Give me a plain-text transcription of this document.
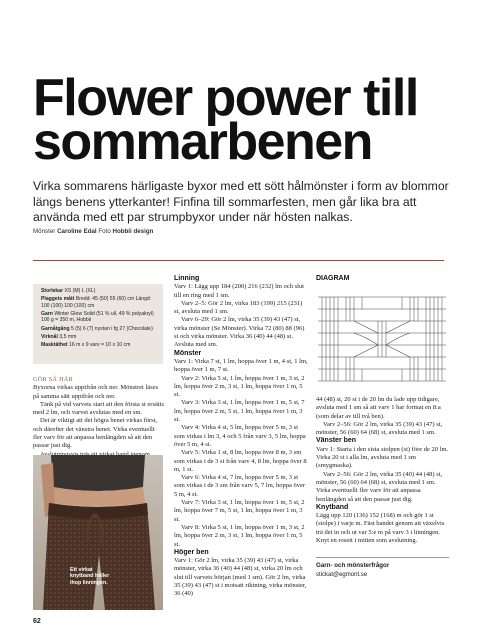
Flower power till sommarbenen

Virka sommarens härligaste byxor med ett sött hålmönster i form av blommor längs benens ytterkanter! Finfina till sommarfesten, men går lika bra att använda med ett par strumpbyxor under när hösten nalkas.

Mönster Caroline Edal Foto Hobbii design

Storlekar XS (M) L (XL)

Plaggets mått Bredd: 45 (50) 55 (60) cm Längd: 100 (100) 100 (100) cm

Garn Winter Glow Solid (51 % ull, 49 % polyakryl) 100 g = 350 m, Hobbii

Garnåtgång 5 (5) 6 (7) nystan i fg 27 (Chocolate)

Virknål 3,5 mm

Masktäthet 16 m x 9 varv = 10 x 10 cm

GÖR SÅ HÄR

Byxorna virkas uppifrån och ner. Mönstret läses på samma sätt uppifrån och ner.

Tänk på vid varvets start att den första st ersätts med 2 lm, och varvet avslutas med en sm.

Det är viktigt att det högra benet virkas först, och därefter det vänstra benet. Virka eventuellt fler varv för att anpassa benlängden så att den passar just dig.

Ett virkat knytband håller ihop linningen.
62

Linning

Varv 1: Lägg upp 184 (200) 216 (232) lm och slut till en ring med 1 sm.

Varv 2–5: Gör 2 lm, virka 183 (199) 215 (231) st, avsluta med 1 sm.

Varv 6–29: Gör 2 lm, virka 35 (39) 43 (47) st, virka mönster (Se Mönster). Virka 72 (80) 88 (96) st och virka mönster. Virka 36 (40) 44 (48) st. Avsluta med sm.

Mönster

Varv 1: Virka 7 st, 1 lm, hoppa över 1 m, 4 st, 1 lm, hoppa över 1 m, 7 st.

Varv 2: Virka 5 st, 1 lm, hoppa över 1 m, 3 st, 2 lm, hoppa över 2 m, 3 st, 1 lm, hoppa över 1 m, 5 st.

Varv 3: Virka 3 st, 1 lm, hoppa över 1 m, 5 st, 7 lm, hoppa över 2 m, 5 st, 1 lm, hoppa över 1 m, 3 st.

Varv 4: Virka 4 st, 5 lm, hoppa över 5 m, 3 st som virkas i lm 3, 4 och 5 från varv 3, 5 lm, hoppa över 5 m, 4 st.

Varv 5: Virka 1 st, 8 lm, hoppa över 8 m, 3 sm som virkas i de 3 st från varv 4, 8 lm, hoppa över 8 m, 1 st.

Varv 6: Virka 4 st, 7 lm, hoppa över 5 m, 3 st som virkas i de 3 sm från varv 5, 7 lm, hoppa över 5 m, 4 st.

Varv 7: Virka 3 st, 1 lm, hoppa över 1 m, 5 st, 2 lm, hoppa över 7 m, 5 st, 1 lm, hoppa över 1 m, 3 st.

Varv 8: Virka 5 st, 1 lm, hoppa över 1 m, 3 st, 2 lm, hoppa över 2 m, 3 st, 1 lm, hoppa över 1 m, 5 st.

Höger ben

Varv 1: Gör 2 lm, virka 35 (39) 43 (47) st, virka mönster, virka 36 (40) 44 (48) st, virka 20 lm och slut till varvets början (med 1 sm). Gör 2 lm, virka 35 (39) 43 (47) st i motsatt riktning, virka mönster, 36 (40)

DIAGRAM

44 (48) st, 20 st i de 20 lm du lade upp tidigare, avsluta med 1 sm så att varv 1 har format en 8:a (som delar av till två ben).

Varv 2–56: Gör 2 lm, virka 35 (39) 43 (47) st, mönster, 56 (60) 64 (68) st, avsluta med 1 sm.

Vänster ben

Varv 1: Starta i den sista stolpen (st) före de 20 lm. Virka 20 st i alla lm, avsluta med 1 sm (smygmaska).

Varv 2–56: Gör 2 lm, virka 35 (40) 44 (48) st, mönster, 56 (60) 64 (68) st, avsluta med 1 sm. Virka eventuellt fler varv för att anpassa benlängden så att den passar just dig.

Knytband

Lägg upp 120 (136) 152 (168) m och gör 1 st (stolpe) i varje m. Fäst bandet genom att växelvis trä det in och ut var 5:e m på varv 3 i linningen. Knyt en rosett i mitten som avslutning.

Garn- och mönsterfrågor

stickat@egmont.se
